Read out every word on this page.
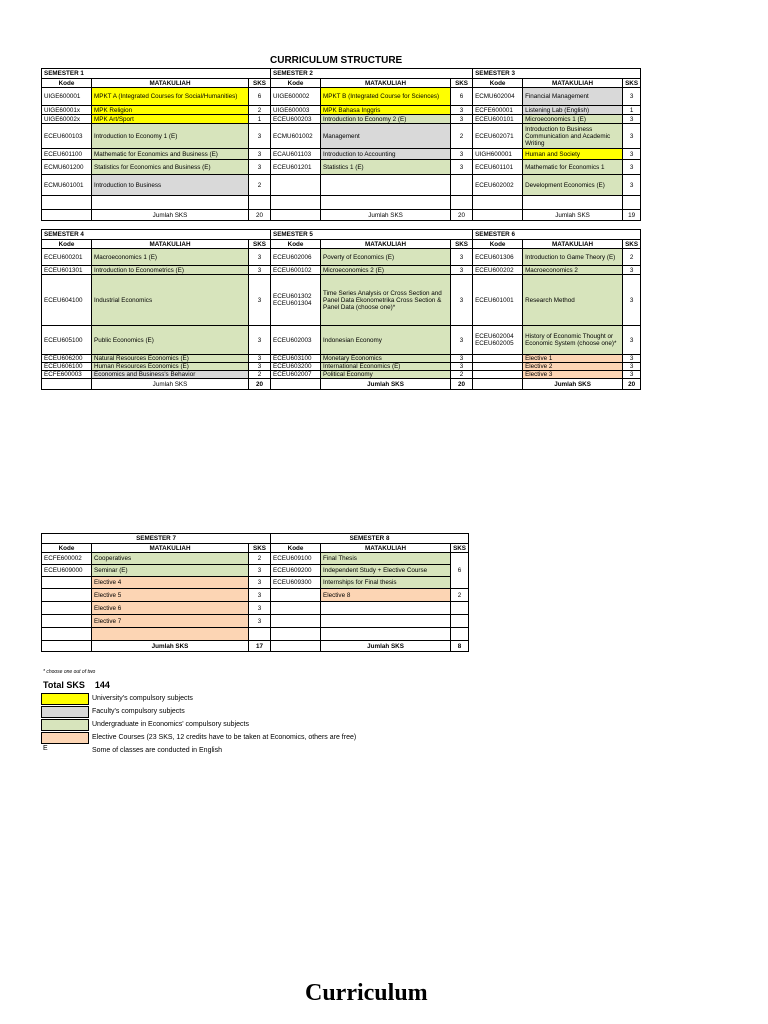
CURRICULUM STRUCTURE
SEMESTER 1			SEMESTER 2			SEMESTER 3		
Kode	MATAKULIAH	SKS	Kode	MATAKULIAH	SKS	Kode	MATAKULIAH	SKS
UIGE600001	MPKT A (Integrated Courses for Social/Humanities)	6	UIGE600002	MPKT B (Integrated Course for Sciences)	6	ECMU602004	Financial Management	3
UIGE60001x	MPK Religion	2	UIGE600003	MPK Bahasa Inggris	3	ECFE600001	Listening Lab (English)	1
UIGE60002x	MPK Art/Sport	1	ECEU600203	Introduction to Economy 2 (E)	3	ECEU600101	Microeconomics 1 (E)	3
ECEU600103	Introduction to Economy 1 (E)	3	ECMU601002	Management	2	ECEU602071	Introduction to Business Communication and Academic Writing	3
ECEU601100	Mathematic for Economics and Business (E)	3	ECAU601103	Introduction to Accounting	3	UIGH600001	Human and Society	3
ECMU601200	Statistics for Economics and Business (E)	3	ECEU601201	Statistics 1 (E)	3	ECEU601101	Mathematic for Economics 1	3
ECMU601001	Introduction to Business	2				ECEU602002	Development Economics (E)	3

	Jumlah SKS	20		Jumlah SKS	20		Jumlah SKS	19
SEMESTER 4			SEMESTER 5			SEMESTER 6		
Kode	MATAKULIAH	SKS	Kode	MATAKULIAH	SKS	Kode	MATAKULIAH	SKS
ECEU600201	Macroeconomics 1 (E)	3	ECEU602006	Poverty of Economics (E)	3	ECEU601306	Introduction to Game Theory (E)	2
ECEU601301	Introduction to Econometrics (E)	3	ECEU600102	Microeconomics 2 (E)	3	ECEU600202	Macroeconomics 2	3
ECEU604100	Industrial Economics	3	ECEU601302 ECEU601304	Time Series Analysis or Cross Section and Panel Data Ekonometrika Cross Section & Panel Data (choose one)*	3	ECEU601001	Research Method	3
ECEU605100	Public Economics (E)	3	ECEU602003	Indonesian Economy	3	ECEU602004 ECEU602005	History of Economic Thought or Economic System (choose one)*	3
ECEU606200	Natural Resources Economics (E)	3	ECEU603100	Monetary Economics	3		Elective 1	3
ECEU606100	Human Resources Economics (E)	3	ECEU603200	International Economics (E)	3		Elective 2	3
ECFE600003	Economics and Business's Behavior	2	ECEU602007	Political Economy	2		Elective 3	3
	Jumlah SKS	20		Jumlah SKS	20		Jumlah SKS	20
SEMESTER 7			SEMESTER 8		
Kode	MATAKULIAH	SKS	Kode	MATAKULIAH	SKS
ECFE600002	Cooperatives	2	ECEU609100	Final Thesis	
ECEU609000	Seminar (E)	3	ECEU609200	Independent Study + Elective Course	6
	Elective 4	3	ECEU609300	Internships for Final thesis	
	Elective 5	3		Elective 8	2
	Elective 6	3			
	Elective 7	3			

	Jumlah SKS	17		Jumlah SKS	8
* choose one out of two
Total SKS 144
University's compulsory subjects
Faculty's compulsory subjects
Undergraduate in Economics' compulsory subjects
Elective Courses (23 SKS, 12 credits have to be taken at Economics, others are free)
E	Some of classes are conducted in English
Curriculum
